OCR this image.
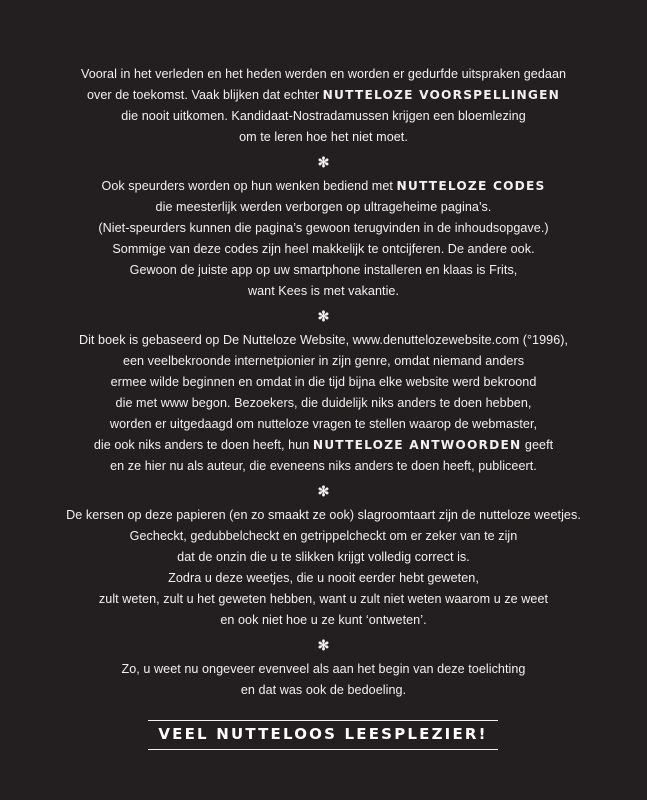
Vooral in het verleden en het heden werden en worden er gedurfde uitspraken gedaan
over de toekomst. Vaak blijken dat echter NUTTELOZE VOORSPELLINGEN
die nooit uitkomen. Kandidaat-Nostradamussen krijgen een bloemlezing
om te leren hoe het niet moet.

✻

Ook speurders worden op hun wenken bediend met NUTTELOZE CODES
die meesterlijk werden verborgen op ultrageheime pagina’s.
(Niet-speurders kunnen die pagina’s gewoon terugvinden in de inhoudsopgave.)
Sommige van deze codes zijn heel makkelijk te ontcijferen. De andere ook.
Gewoon de juiste app op uw smartphone installeren en klaas is Frits,
want Kees is met vakantie.

✻

Dit boek is gebaseerd op De Nutteloze Website, www.denuttelozewebsite.com (°1996),
een veelbekroonde internetpionier in zijn genre, omdat niemand anders
ermee wilde beginnen en omdat in die tijd bijna elke website werd bekroond
die met www begon. Bezoekers, die duidelijk niks anders te doen hebben,
worden er uitgedaagd om nutteloze vragen te stellen waarop de webmaster,
die ook niks anders te doen heeft, hun NUTTELOZE ANTWOORDEN geeft
en ze hier nu als auteur, die eveneens niks anders te doen heeft, publiceert.

✻

De kersen op deze papieren (en zo smaakt ze ook) slagroomtaart zijn de nutteloze weetjes.
Gecheckt, gedubbelcheckt en getrippelcheckt om er zeker van te zijn
dat de onzin die u te slikken krijgt volledig correct is.
Zodra u deze weetjes, die u nooit eerder hebt geweten,
zult weten, zult u het geweten hebben, want u zult niet weten waarom u ze weet
en ook niet hoe u ze kunt ‘ontweten’.

✻

Zo, u weet nu ongeveer evenveel als aan het begin van deze toelichting
en dat was ook de bedoeling.

VEEL NUTTELOOS LEESPLEZIER!
